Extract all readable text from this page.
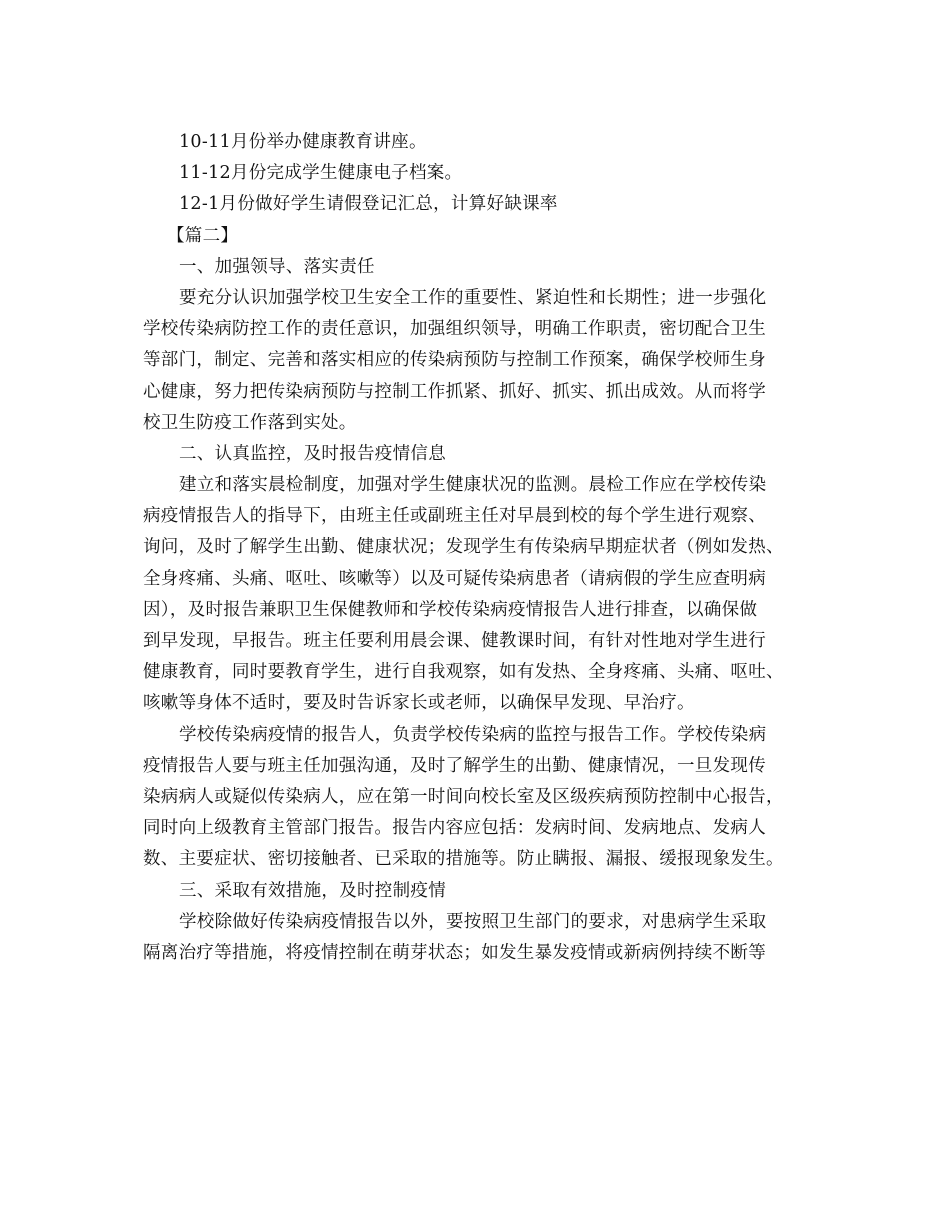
10-11月份举办健康教育讲座。
11-12月份完成学生健康电子档案。
12-1月份做好学生请假登记汇总，计算好缺课率
【篇二】
一、加强领导、落实责任
要充分认识加强学校卫生安全工作的重要性、紧迫性和长期性；进一步强化
学校传染病防控工作的责任意识，加强组织领导，明确工作职责，密切配合卫生
等部门，制定、完善和落实相应的传染病预防与控制工作预案，确保学校师生身
心健康，努力把传染病预防与控制工作抓紧、抓好、抓实、抓出成效。从而将学
校卫生防疫工作落到实处。
二、认真监控，及时报告疫情信息
建立和落实晨检制度，加强对学生健康状况的监测。晨检工作应在学校传染
病疫情报告人的指导下，由班主任或副班主任对早晨到校的每个学生进行观察、
询问，及时了解学生出勤、健康状况；发现学生有传染病早期症状者（例如发热、
全身疼痛、头痛、呕吐、咳嗽等）以及可疑传染病患者（请病假的学生应查明病
因），及时报告兼职卫生保健教师和学校传染病疫情报告人进行排查，以确保做
到早发现，早报告。班主任要利用晨会课、健教课时间，有针对性地对学生进行
健康教育，同时要教育学生，进行自我观察，如有发热、全身疼痛、头痛、呕吐、
咳嗽等身体不适时，要及时告诉家长或老师，以确保早发现、早治疗。
学校传染病疫情的报告人，负责学校传染病的监控与报告工作。学校传染病
疫情报告人要与班主任加强沟通，及时了解学生的出勤、健康情况，一旦发现传
染病病人或疑似传染病人，应在第一时间向校长室及区级疾病预防控制中心报告，
同时向上级教育主管部门报告。报告内容应包括：发病时间、发病地点、发病人
数、主要症状、密切接触者、已采取的措施等。防止瞒报、漏报、缓报现象发生。
三、采取有效措施，及时控制疫情
学校除做好传染病疫情报告以外，要按照卫生部门的要求，对患病学生采取
隔离治疗等措施，将疫情控制在萌芽状态；如发生暴发疫情或新病例持续不断等
